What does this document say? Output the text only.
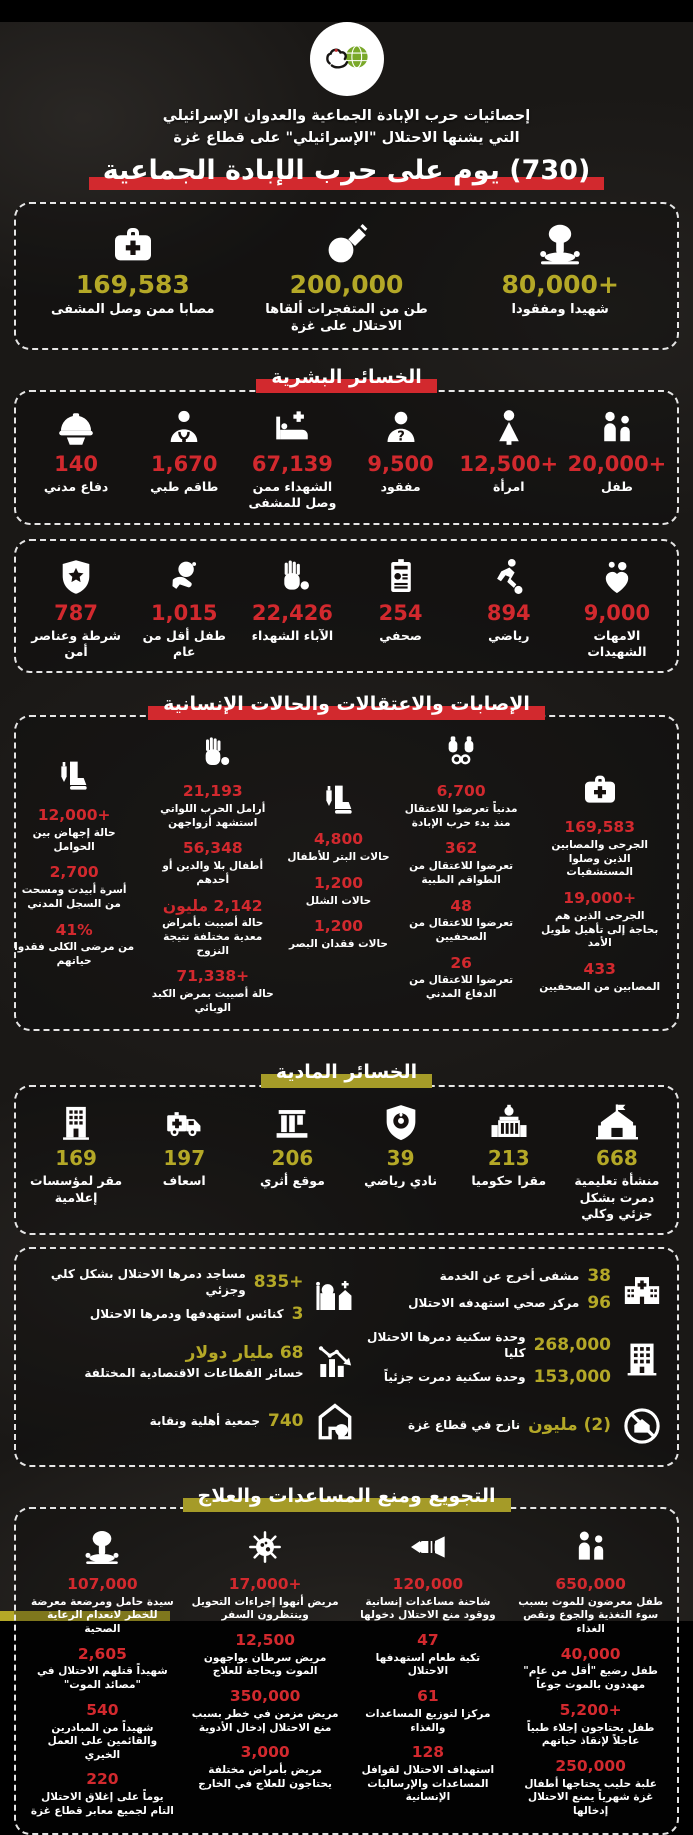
إحصائيات حرب الإبادة الجماعية والعدوان الإسرائيلي
التي يشنها الاحتلال "الإسرائيلي" على قطاع غزة
(730) يوم على حرب الإبادة الجماعية
+80,000
شهيدا ومفقودا
200,000
طن من المتفجرات ألقاها الاحتلال على غزة
169,583
مصابا ممن وصل المشفى
الخسائر البشرية
+20,000
طفل
+12,500
امرأة
9,500
مفقود
67,139
الشهداء ممن وصل للمشفى
1,670
طاقم طبي
140
دفاع مدني
9,000
الامهات الشهيدات
894
رياضي
254
صحفي
22,426
الآباء الشهداء
1,015
طفل أقل من عام
787
شرطة وعناصر أمن
الإصابات والاعتقالات والحالات الإنسانية
169,583
الجرحى والمصابين الذين وصلوا المستشفيات
+19,000
الجرحى الذين هم بحاجة إلى تأهيل طويل الأمد
433
المصابين من الصحفيين
6,700
مدنياً تعرضوا للاعتقال منذ بدء حرب الإبادة
362
تعرضوا للاعتقال من الطواقم الطبية
48
تعرضوا للاعتقال من الصحفيين
26
تعرضوا للاعتقال من الدفاع المدني
4,800
حالات البتر للأطفال
1,200
حالات الشلل
1,200
حالات فقدان البصر
21,193
أرامل الحرب اللواتي استشهد أزواجهن
56,348
أطفال بلا والدين أو أحدهم
2,142 مليون
حالة أصيبت بأمراض معدية مختلفة نتيجة النزوح
+71,338
حالة أصيبت بمرض الكبد الوبائي
+12,000
حالة إجهاض بين الحوامل
2,700
أسرة أبيدت ومسحت من السجل المدني
41%
من مرضى الكلى فقدوا حياتهم
الخسائر المادية
668
منشأة تعليمية دمرت بشكل جزئي وكلي
213
مقرا حكوميا
39
نادي رياضي
206
موقع أثري
197
اسعاف
169
مقر لمؤسسات إعلامية
38
مشفى أخرج عن الخدمة
96
مركز صحي استهدفه الاحتلال
268,000
وحدة سكنية دمرها الاحتلال كليا
153,000
وحدة سكنية دمرت جزئياً
(2) مليون
نازح في قطاع غزة
+835
مساجد دمرها الاحتلال بشكل كلي وجزئي
3
كنائس استهدفها ودمرها الاحتلال
68 مليار دولار
خسائر القطاعات الاقتصادية المختلفة
740
جمعية أهلية ونقابة
التجويع ومنع المساعدات والعلاج
650,000
طفل معرضون للموت بسبب سوء التغذية والجوع ونقص الغذاء
40,000
طفل رضيع "أقل من عام" مهددون بالموت جوعاً
+5,200
طفل يحتاجون إجلاء طبياً عاجلاً لإنقاذ حياتهم
250,000
علبة حليب يحتاجها أطفال غزة شهرياً يمنع الاحتلال إدخالها
120,000
شاحنة مساعدات إنسانية ووقود منع الاحتلال دخولها
47
تكية طعام استهدفها الاحتلال
61
مركزا لتوزيع المساعدات والغذاء
128
استهداف الاحتلال لقوافل المساعدات والإرساليات الإنسانية
+17,000
مريض أنهوا إجراءات التحويل وينتظرون السفر
12,500
مريض سرطان يواجهون الموت وبحاجة للعلاج
350,000
مريض مزمن في خطر بسبب منع الاحتلال إدخال الأدوية
3,000
مريض بأمراض مختلفة يحتاجون للعلاج في الخارج
107,000
سيدة حامل ومرضعة معرضة للخطر لانعدام الرعاية الصحية
2,605
شهيداً قتلهم الاحتلال في "مصائد الموت"
540
شهيداً من المبادرين والقائمين على العمل الخيري
220
يوماً على إغلاق الاحتلال التام لجميع معابر قطاع غزة
